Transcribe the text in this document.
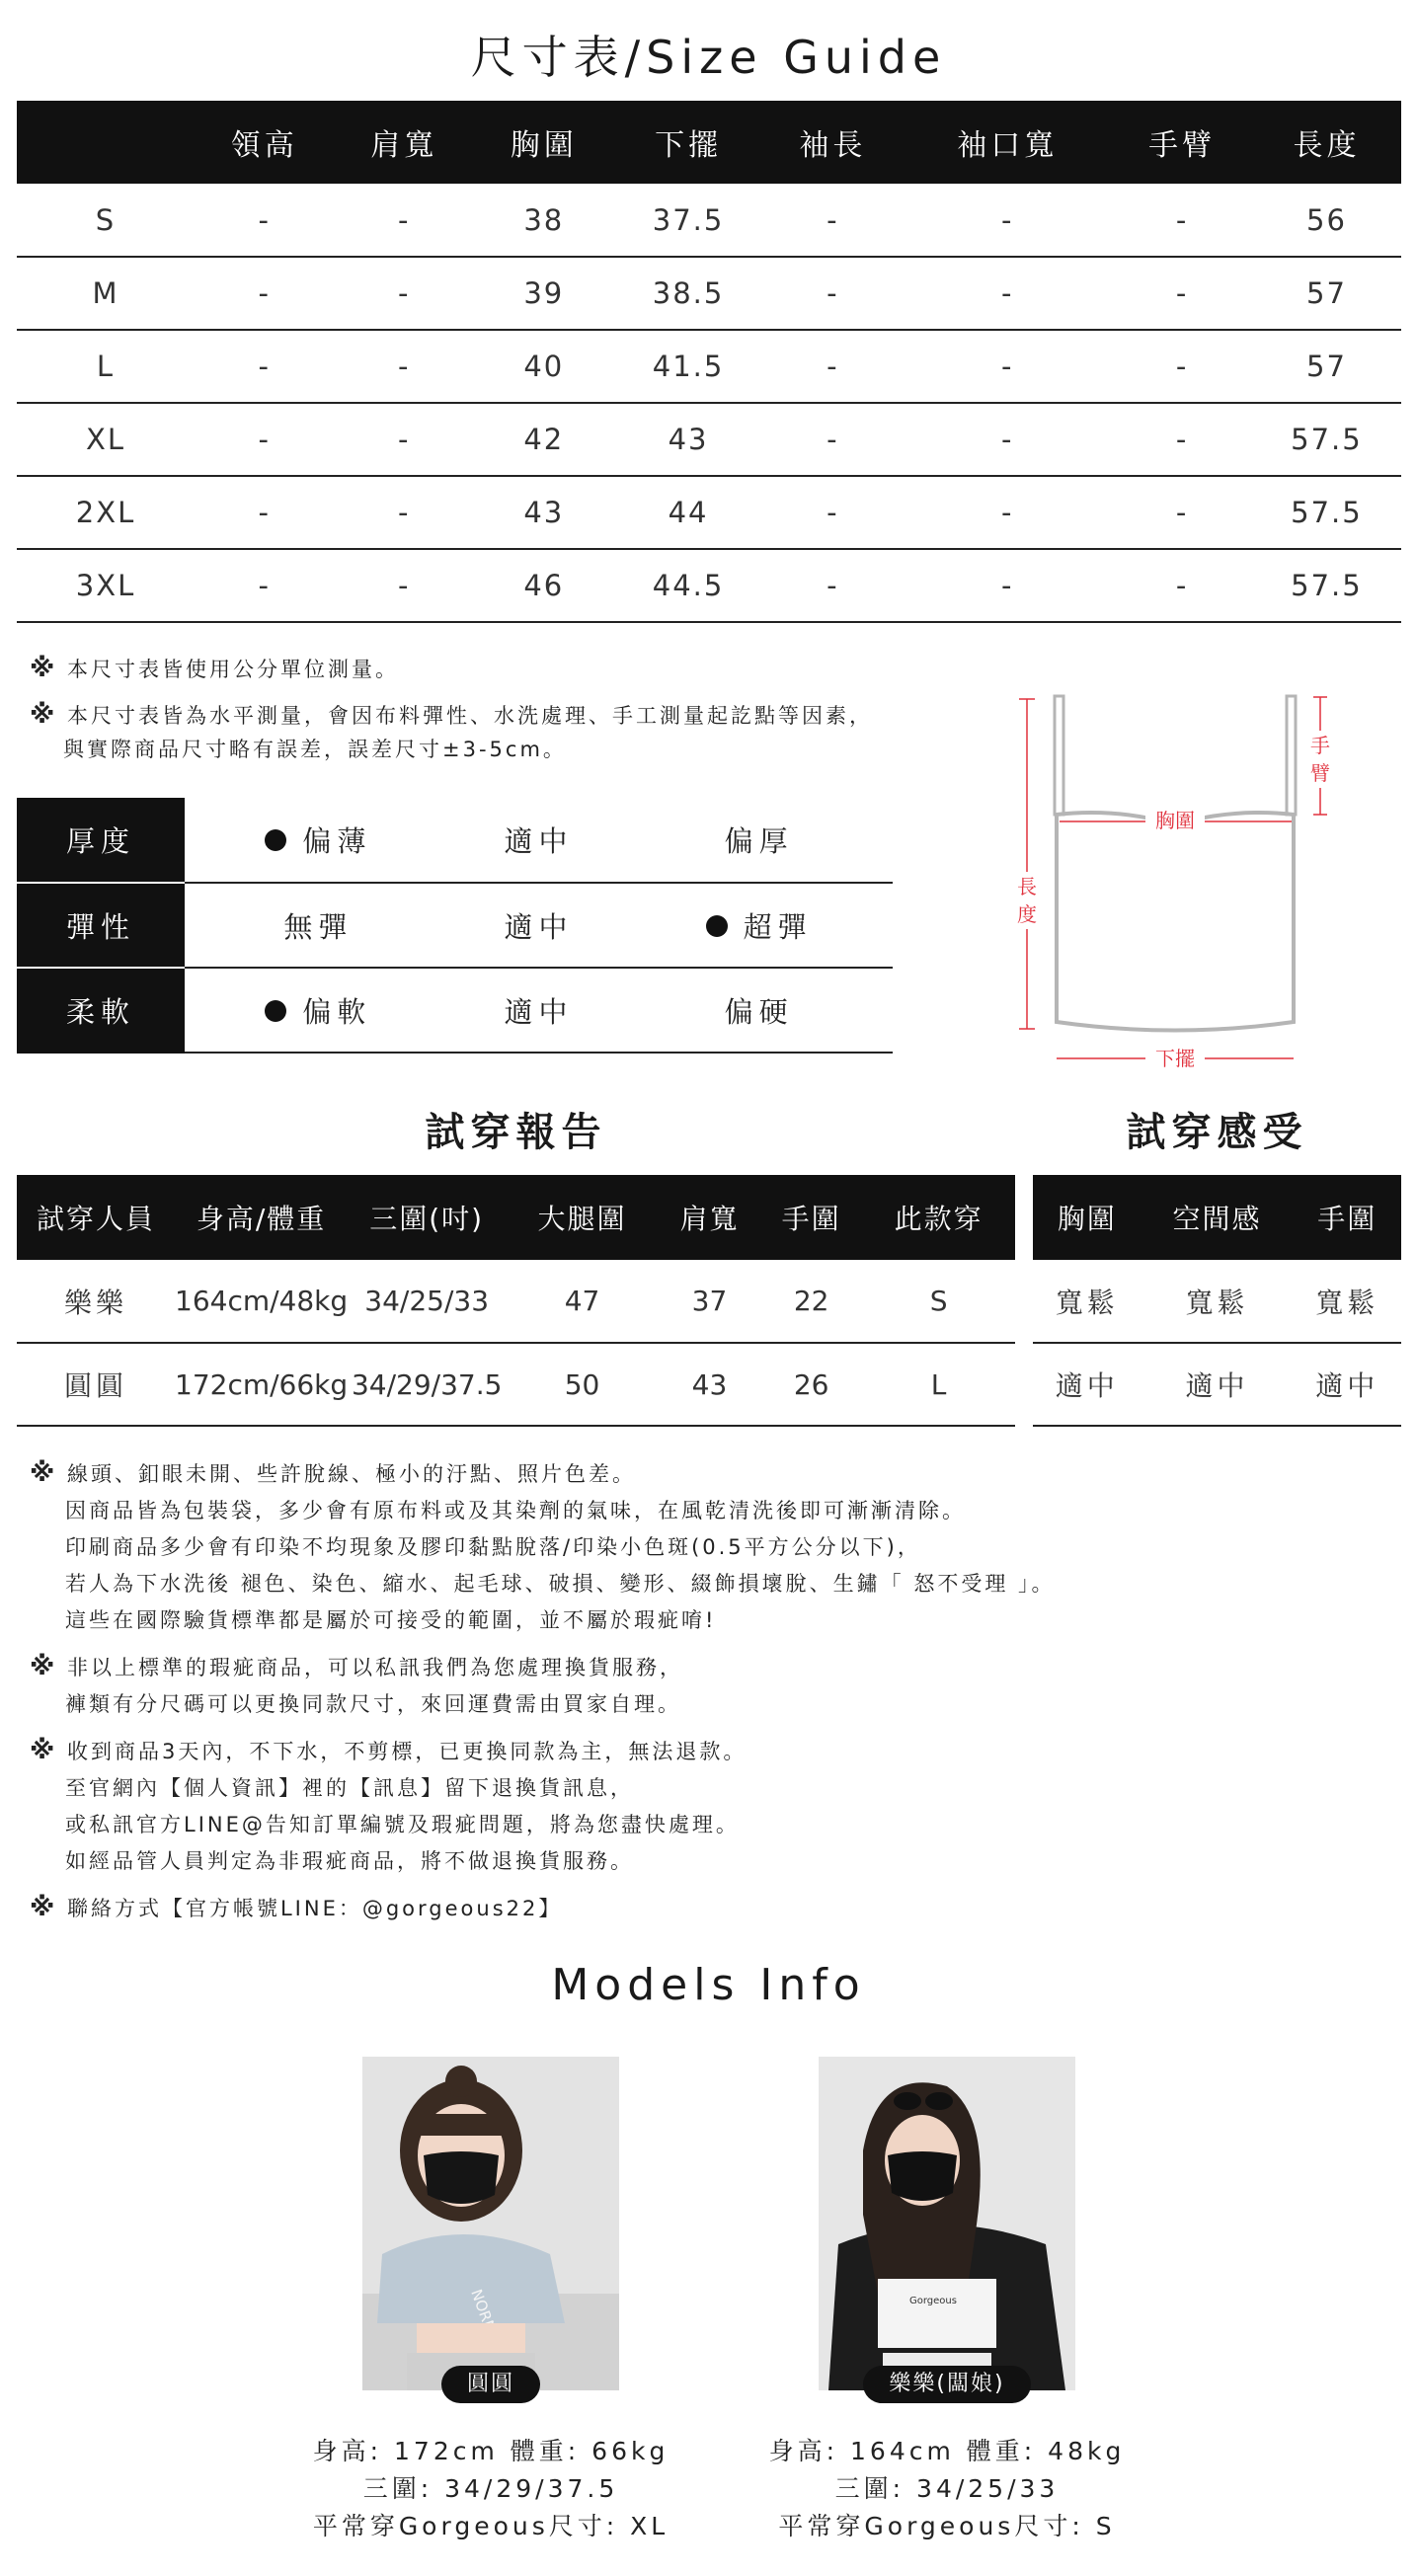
尺寸表/Size Guide
	領高	肩寬	胸圍	下擺	袖長	袖口寬	手臂	長度
S	-	-	38	37.5	-	-	-	56
M	-	-	39	38.5	-	-	-	57
L	-	-	40	41.5	-	-	-	57
XL	-	-	42	43	-	-	-	57.5
2XL	-	-	43	44	-	-	-	57.5
3XL	-	-	46	44.5	-	-	-	57.5
※ 本尺寸表皆使用公分單位測量。
※ 本尺寸表皆為水平測量，會因布料彈性、水洗處理、手工測量起訖點等因素，
與實際商品尺寸略有誤差，誤差尺寸±3-5cm。
厚度	偏薄	適中	偏厚
彈性	無彈	適中	超彈
柔軟	偏軟	適中	偏硬
胸圍
長
度
手
臂
下擺
試穿報告	試穿感受
試穿人員	身高/體重	三圍(吋)	大腿圍	肩寬	手圍	此款穿
樂樂	164cm/48kg	34/25/33	47	37	22	S
圓圓	172cm/66kg	34/29/37.5	50	43	26	L
胸圍	空間感	手圍
寬鬆	寬鬆	寬鬆
適中	適中	適中
※ 線頭、釦眼未開、些許脫線、極小的汙點、照片色差。
因商品皆為包裝袋，多少會有原布料或及其染劑的氣味，在風乾清洗後即可漸漸清除。
印刷商品多少會有印染不均現象及膠印黏點脫落/印染小色斑(0.5平方公分以下)，
若人為下水洗後 褪色、染色、縮水、起毛球、破損、變形、綴飾損壞脫、生鏽「 怒不受理 」。
這些在國際驗貨標準都是屬於可接受的範圍，並不屬於瑕疵唷!
※ 非以上標準的瑕疵商品，可以私訊我們為您處理換貨服務，
褲類有分尺碼可以更換同款尺寸，來回運費需由買家自理。
※ 收到商品3天內，不下水，不剪標，已更換同款為主，無法退款。
至官網內【個人資訊】裡的【訊息】留下退換貨訊息，
或私訊官方LINE@告知訂單編號及瑕疵問題，將為您盡快處理。
如經品管人員判定為非瑕疵商品，將不做退換貨服務。
※ 聯絡方式【官方帳號LINE：@gorgeous22】
Models Info
圓圓
Gorgeous
樂樂(闆娘)
身高: 172cm 體重: 66kg
三圍: 34/29/37.5
平常穿Gorgeous尺寸: XL
身高: 164cm 體重: 48kg
三圍: 34/25/33
平常穿Gorgeous尺寸: S
